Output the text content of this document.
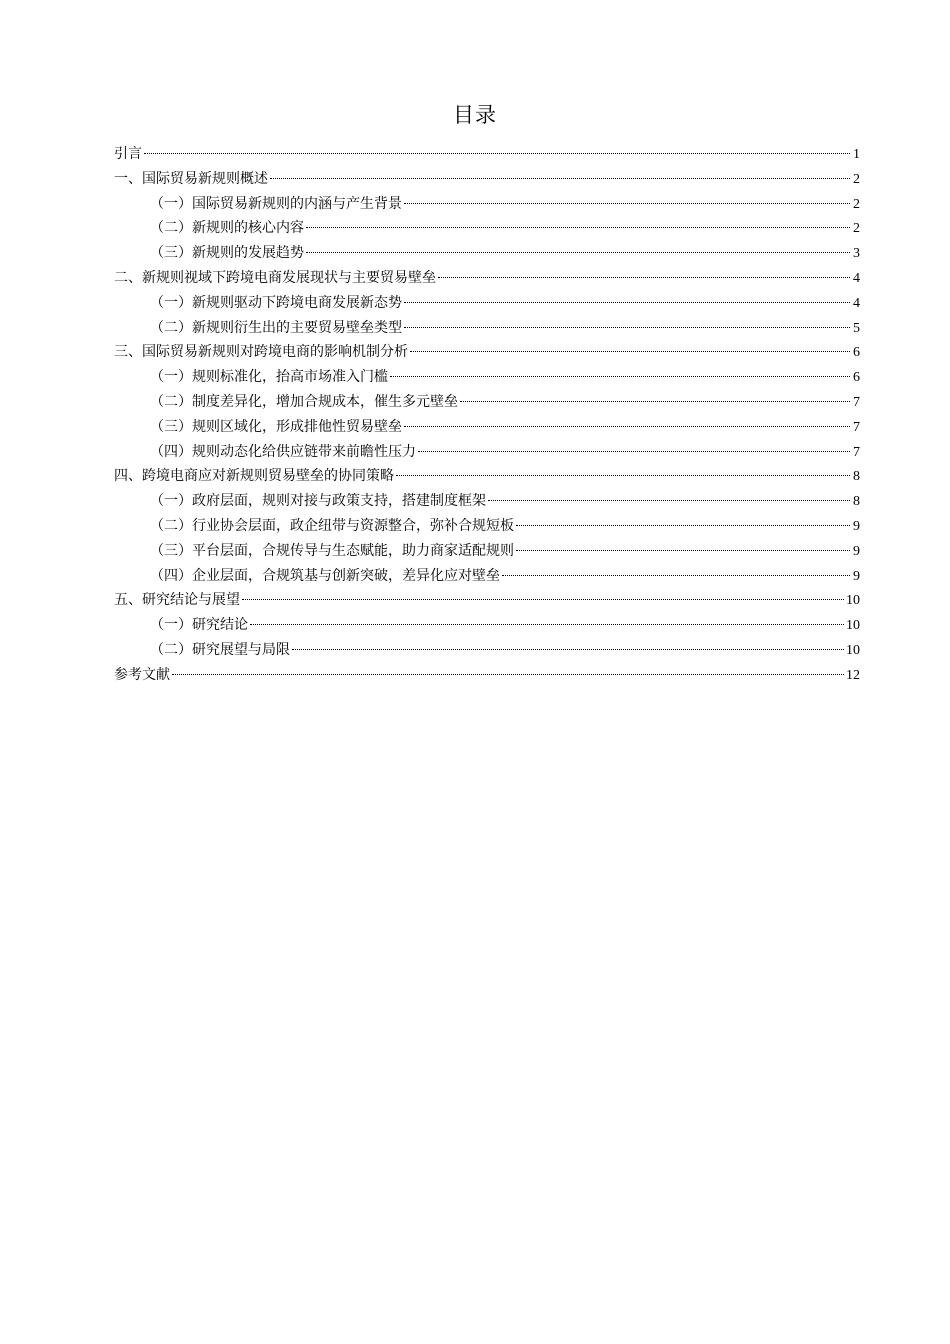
目录
引言	1
一、国际贸易新规则概述	2
（一）国际贸易新规则的内涵与产生背景	2
（二）新规则的核心内容	2
（三）新规则的发展趋势	3
二、新规则视域下跨境电商发展现状与主要贸易壁垒	4
（一）新规则驱动下跨境电商发展新态势	4
（二）新规则衍生出的主要贸易壁垒类型	5
三、国际贸易新规则对跨境电商的影响机制分析	6
（一）规则标准化，抬高市场准入门槛	6
（二）制度差异化，增加合规成本，催生多元壁垒	7
（三）规则区域化，形成排他性贸易壁垒	7
（四）规则动态化给供应链带来前瞻性压力	7
四、跨境电商应对新规则贸易壁垒的协同策略	8
（一）政府层面，规则对接与政策支持，搭建制度框架	8
（二）行业协会层面，政企纽带与资源整合，弥补合规短板	9
（三）平台层面，合规传导与生态赋能，助力商家适配规则	9
（四）企业层面，合规筑基与创新突破，差异化应对壁垒	9
五、研究结论与展望	10
（一）研究结论	10
（二）研究展望与局限	10
参考文献	12
